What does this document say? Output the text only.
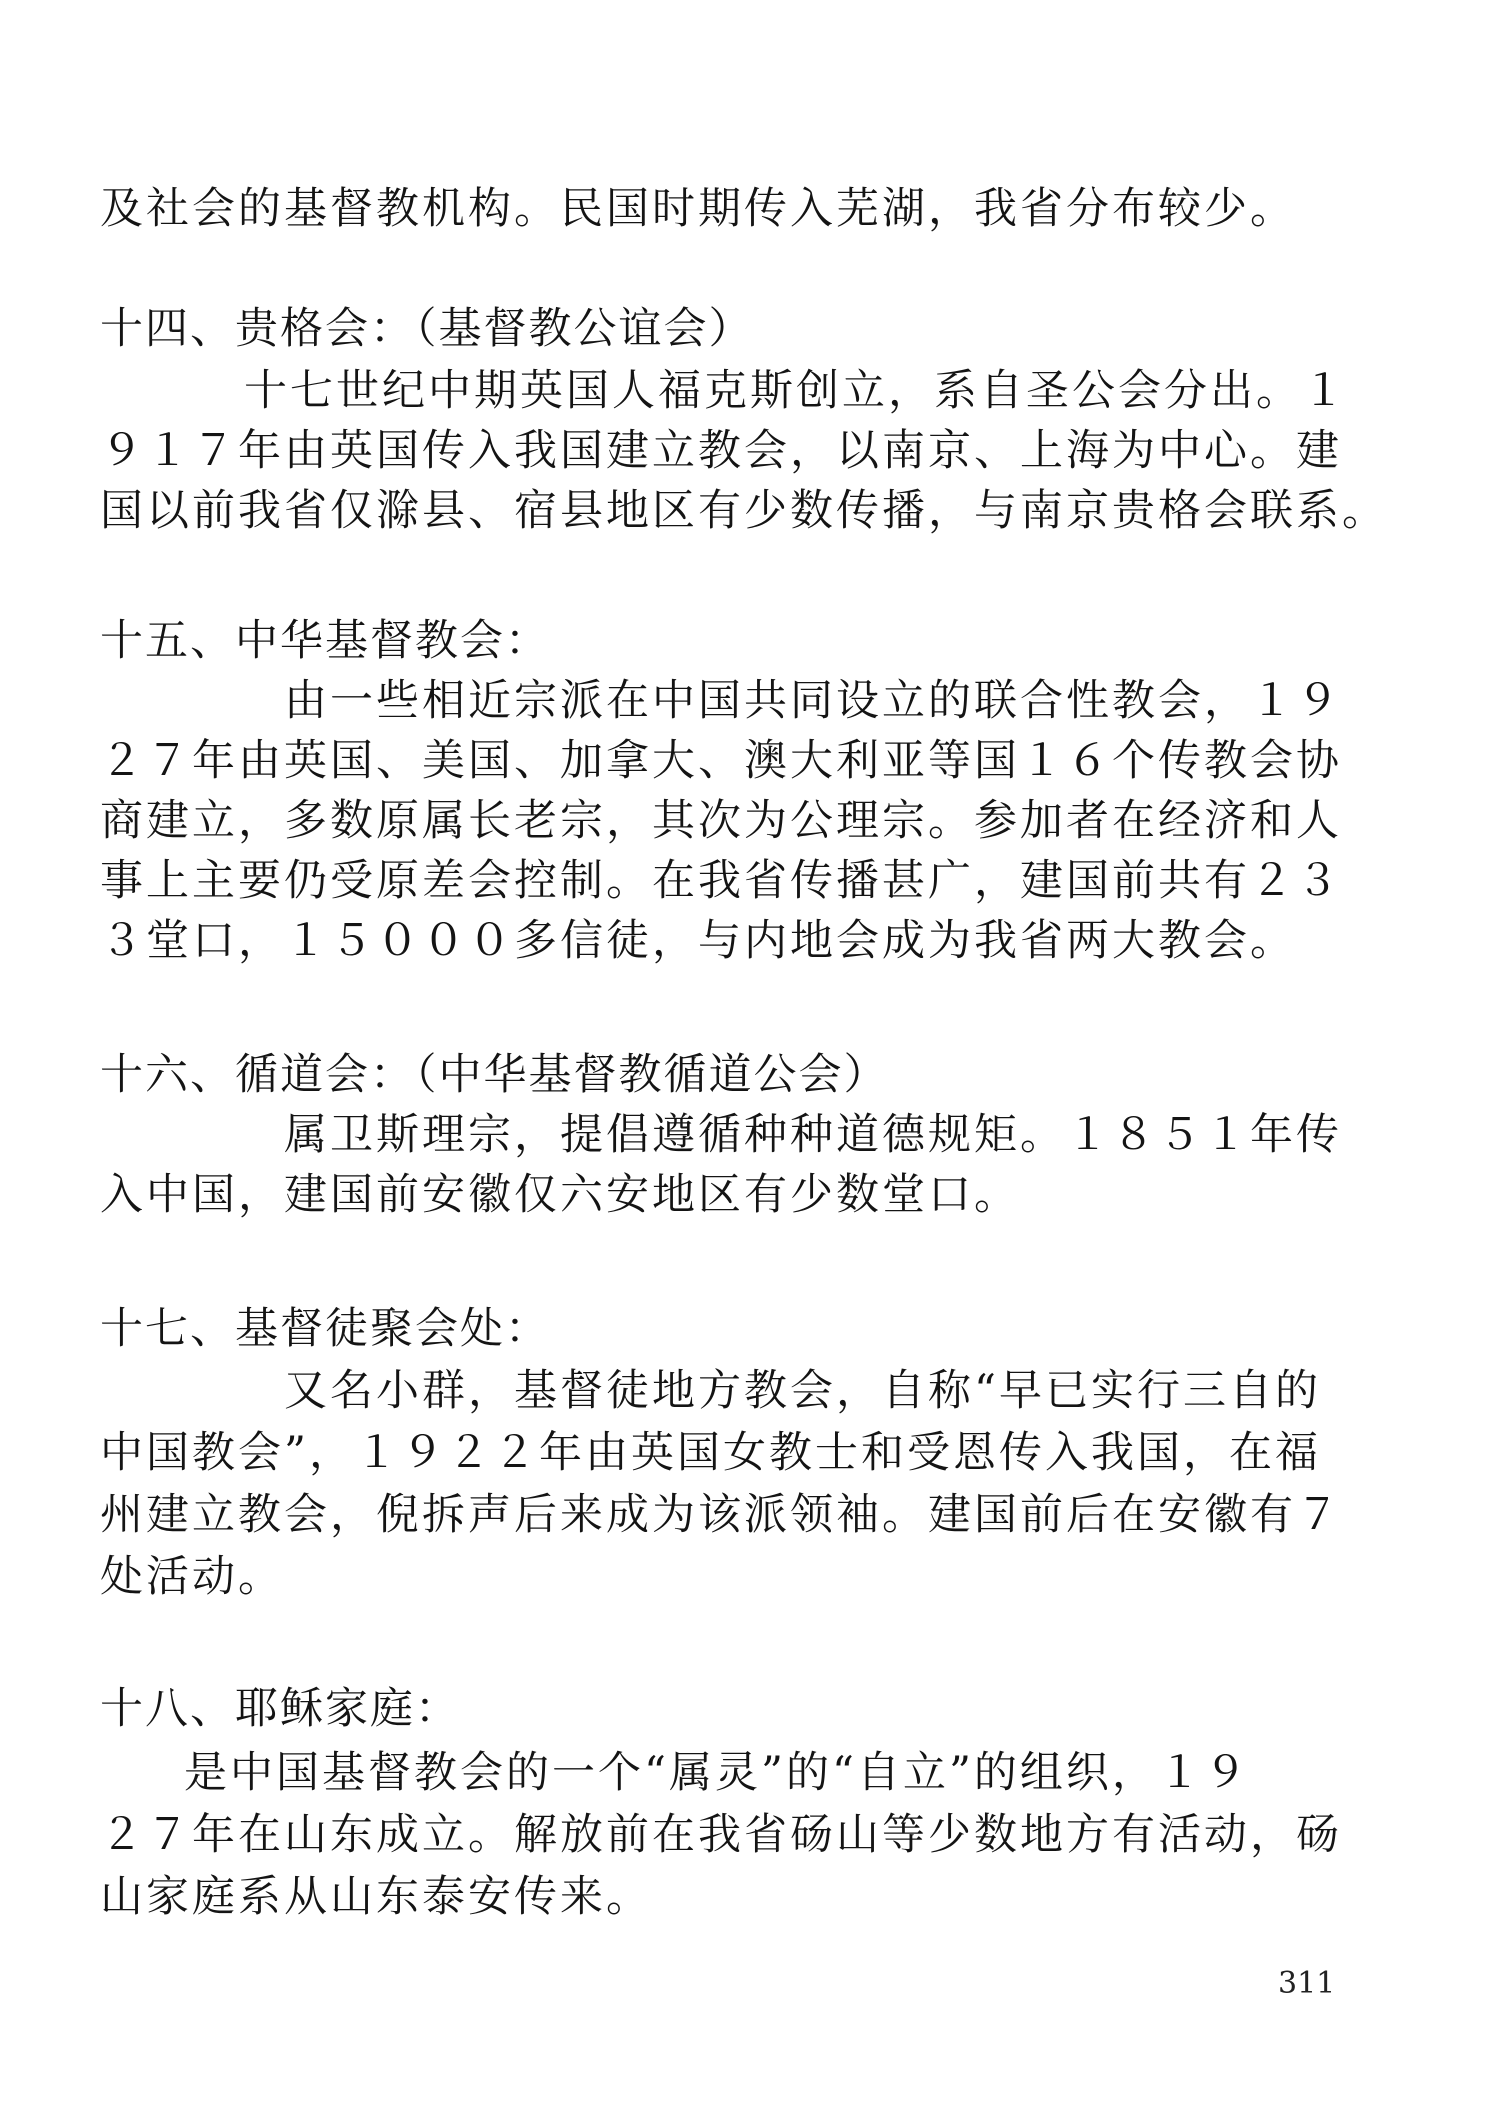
及社会的基督教机构。民国时期传入芜湖，我省分布较少。
十四、贵格会：（基督教公谊会）
十七世纪中期英国人福克斯创立，系自圣公会分出。１
９１７年由英国传入我国建立教会，以南京、上海为中心。建
国以前我省仅滁县、宿县地区有少数传播，与南京贵格会联系。
十五、中华基督教会：
由一些相近宗派在中国共同设立的联合性教会，１９
２７年由英国、美国、加拿大、澳大利亚等国１６个传教会协
商建立，多数原属长老宗，其次为公理宗。参加者在经济和人
事上主要仍受原差会控制。在我省传播甚广，建国前共有２３
３堂口，１５０００多信徒，与内地会成为我省两大教会。
十六、循道会：（中华基督教循道公会）
属卫斯理宗，提倡遵循种种道德规矩。１８５１年传
入中国，建国前安徽仅六安地区有少数堂口。
十七、基督徒聚会处：
又名小群，基督徒地方教会，自称“早已实行三自的
中国教会”，１９２２年由英国女教士和受恩传入我国，在福
州建立教会，倪拆声后来成为该派领袖。建国前后在安徽有７
处活动。
十八、耶稣家庭：
是中国基督教会的一个“属灵”的“自立”的组织，１９
２７年在山东成立。解放前在我省砀山等少数地方有活动，砀
山家庭系从山东泰安传来。
311
